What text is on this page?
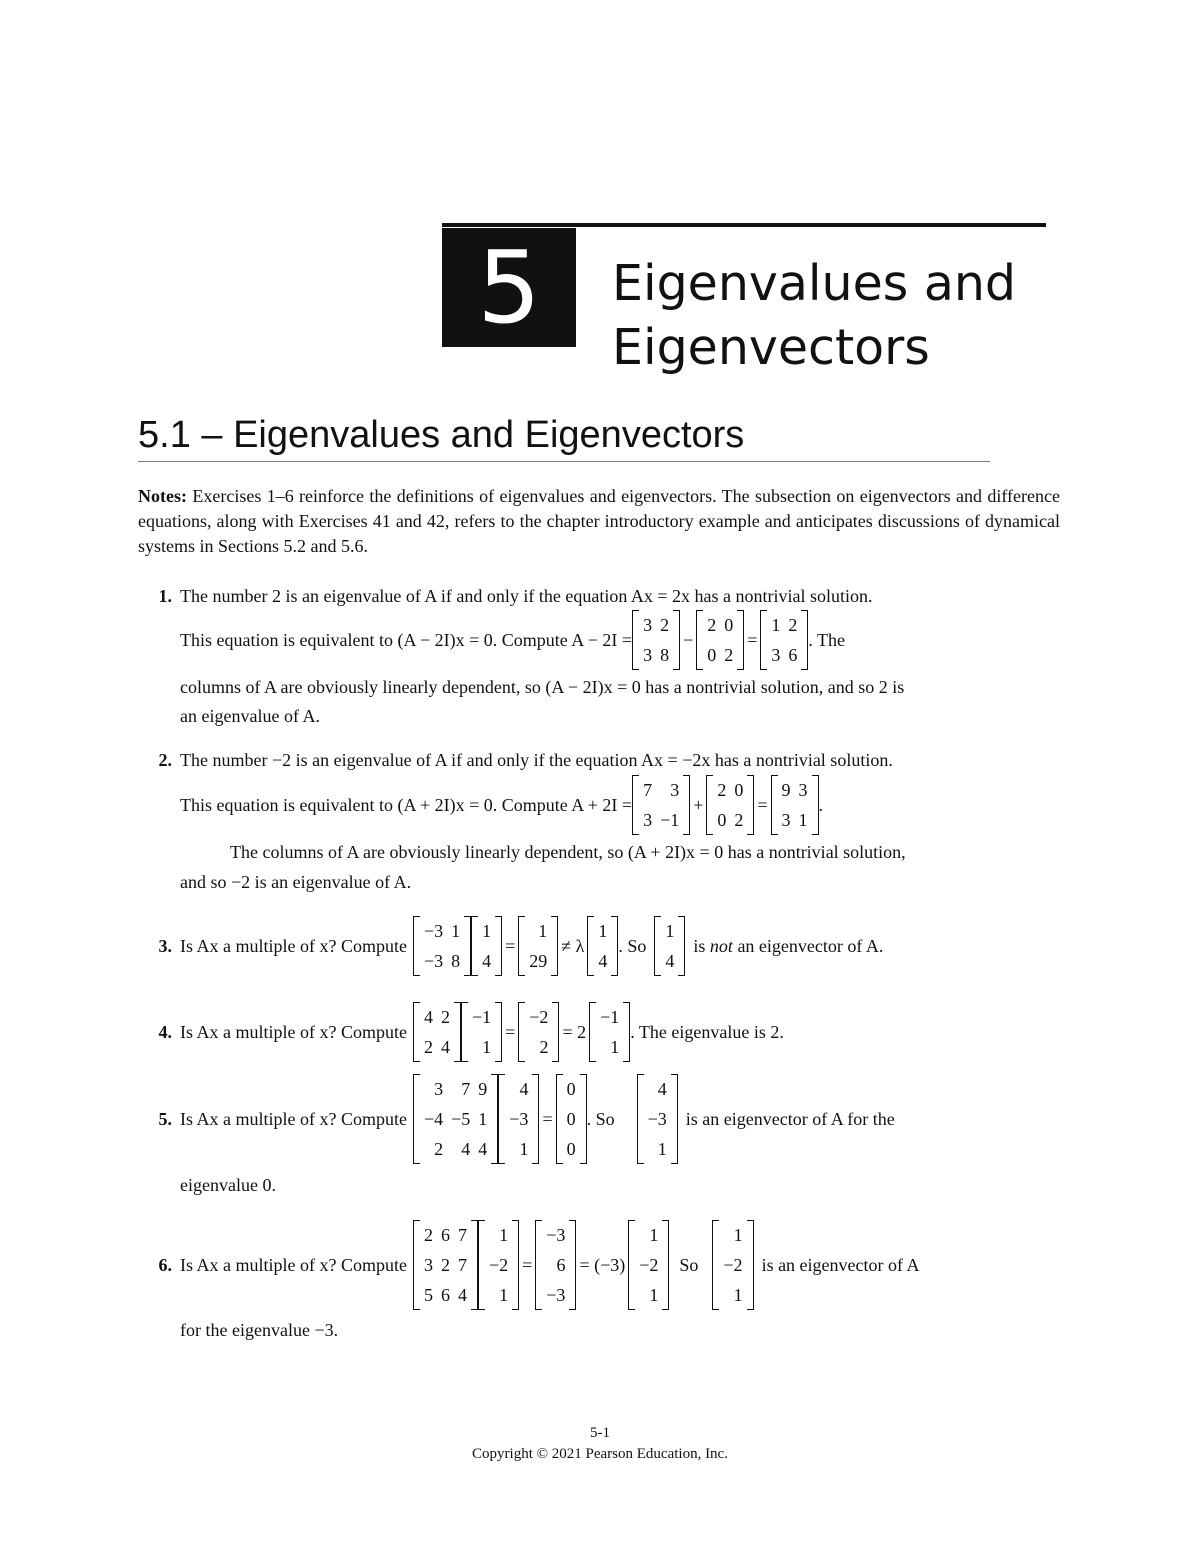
5 Eigenvalues and
Eigenvectors
5.1 – Eigenvalues and Eigenvectors

Notes: Exercises 1–6 reinforce the definitions of eigenvalues and eigenvectors. The subsection on eigenvectors and difference equations, along with Exercises 41 and 42, refers to the chapter introductory example and anticipates discussions of dynamical systems in Sections 5.2 and 5.6.

1. The number 2 is an eigenvalue of A if and only if the equation Ax = 2x has a nontrivial solution.
This equation is equivalent to (A − 2I)x = 0. Compute A − 2I =
3	2
3	8
−
2	0
0	2
=
1	2
3	6
. The
columns of A are obviously linearly dependent, so (A − 2I)x = 0 has a nontrivial solution, and so 2 is
an eigenvalue of A.
2. The number −2 is an eigenvalue of A if and only if the equation Ax = −2x has a nontrivial solution.
This equation is equivalent to (A + 2I)x = 0. Compute A + 2I =
7	3
3	−1
+
2	0
0	2
=
9	3
3	1
.
The columns of A are obviously linearly dependent, so (A + 2I)x = 0 has a nontrivial solution,
and so −2 is an eigenvalue of A.
3. Is Ax a multiple of x? Compute
−3	1
−3	8
1
4
=
1
29
≠ λ
1
4
. So
1
4
is not an eigenvector of A.
4. Is Ax a multiple of x? Compute
4	2
2	4
−1
1
=
−2
2
= 2
−1
1
. The eigenvalue is 2.
5. Is Ax a multiple of x? Compute
3	7	9
−4	−5	1
2	4	4
4
−3
1
=
0
0
0
. So
4
−3
1
is an eigenvector of A for the
eigenvalue 0.
6. Is Ax a multiple of x? Compute
2	6	7
3	2	7
5	6	4
1
−2
1
=
−3
6
−3
= (−3)
1
−2
1
So
1
−2
1
is an eigenvector of A
for the eigenvalue −3.
5-1
Copyright © 2021 Pearson Education, Inc.
